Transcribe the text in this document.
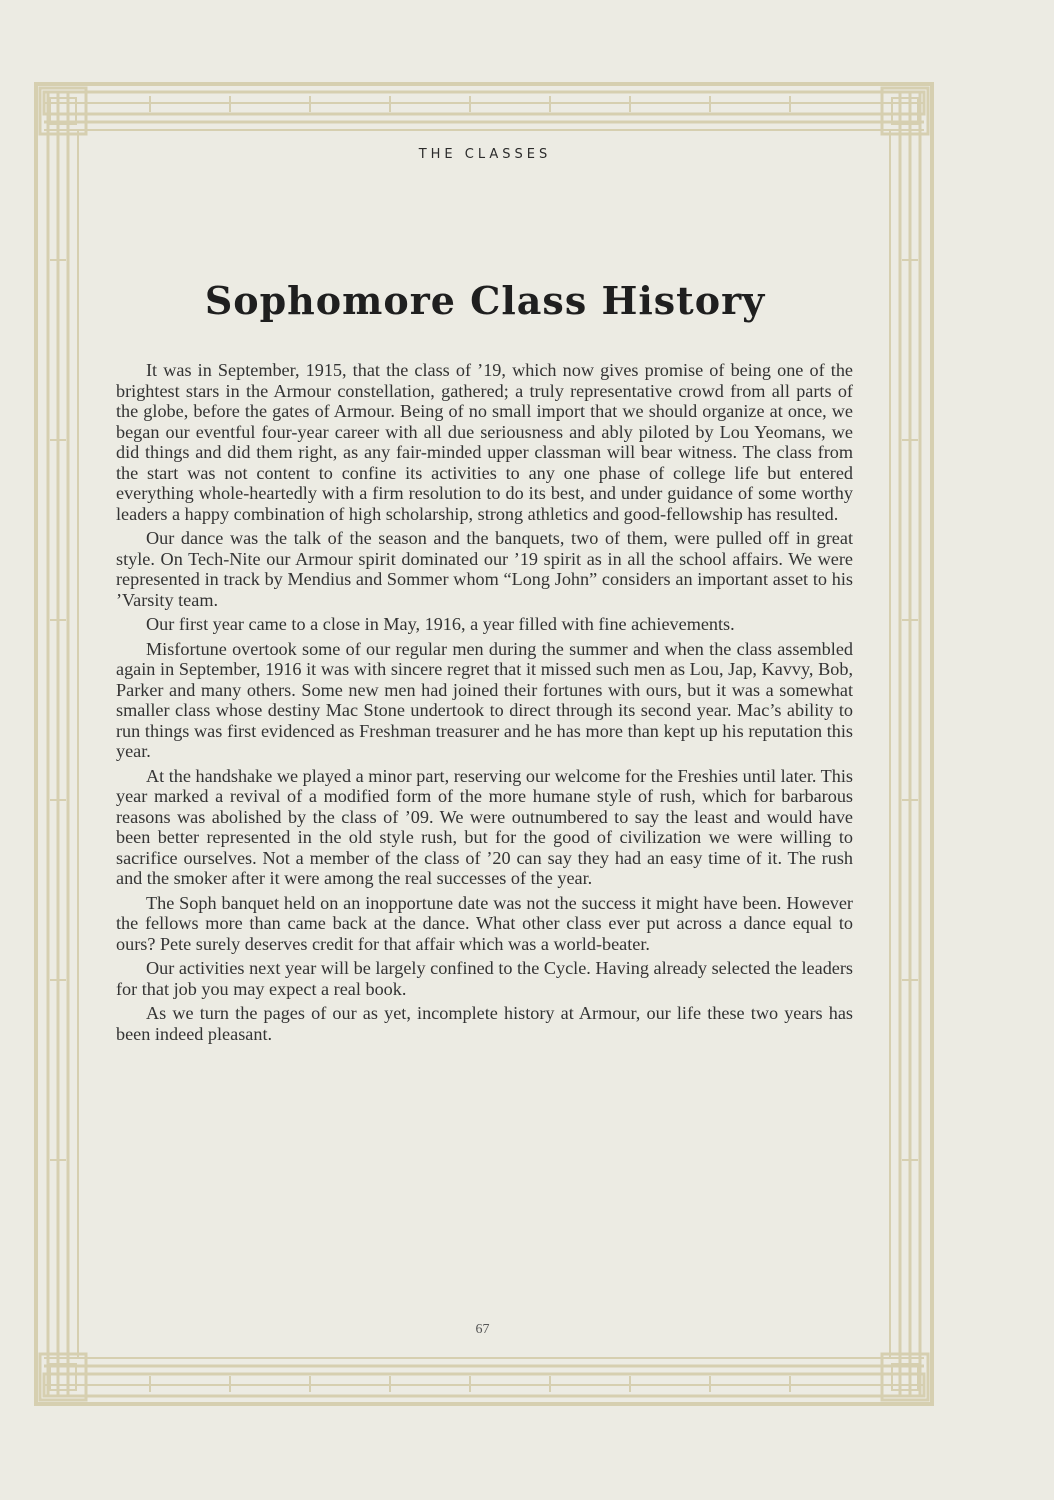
THE CLASSES
Sophomore Class History

It was in September, 1915, that the class of ’19, which now gives promise of being one of the brightest stars in the Armour constellation, gathered; a truly representative crowd from all parts of the globe, before the gates of Armour. Being of no small import that we should organize at once, we began our eventful four-year career with all due seriousness and ably piloted by Lou Yeomans, we did things and did them right, as any fair-minded upper classman will bear witness. The class from the start was not content to confine its activities to any one phase of college life but entered everything whole-heartedly with a firm resolution to do its best, and under guidance of some worthy leaders a happy combination of high scholarship, strong athletics and good-fellowship has resulted.

Our dance was the talk of the season and the banquets, two of them, were pulled off in great style. On Tech-Nite our Armour spirit dominated our ’19 spirit as in all the school affairs. We were represented in track by Mendius and Sommer whom “Long John” considers an important asset to his ’Varsity team.

Our first year came to a close in May, 1916, a year filled with fine achievements.

Misfortune overtook some of our regular men during the summer and when the class assembled again in September, 1916 it was with sincere regret that it missed such men as Lou, Jap, Kavvy, Bob, Parker and many others. Some new men had joined their fortunes with ours, but it was a somewhat smaller class whose destiny Mac Stone undertook to direct through its second year. Mac’s ability to run things was first evidenced as Freshman treasurer and he has more than kept up his reputation this year.

At the handshake we played a minor part, reserving our welcome for the Freshies until later. This year marked a revival of a modified form of the more humane style of rush, which for barbarous reasons was abolished by the class of ’09. We were outnumbered to say the least and would have been better represented in the old style rush, but for the good of civilization we were willing to sacrifice ourselves. Not a member of the class of ’20 can say they had an easy time of it. The rush and the smoker after it were among the real successes of the year.

The Soph banquet held on an inopportune date was not the success it might have been. However the fellows more than came back at the dance. What other class ever put across a dance equal to ours? Pete surely deserves credit for that affair which was a world-beater.

Our activities next year will be largely confined to the Cycle. Having already selected the leaders for that job you may expect a real book.

As we turn the pages of our as yet, incomplete history at Armour, our life these two years has been indeed pleasant.

67
